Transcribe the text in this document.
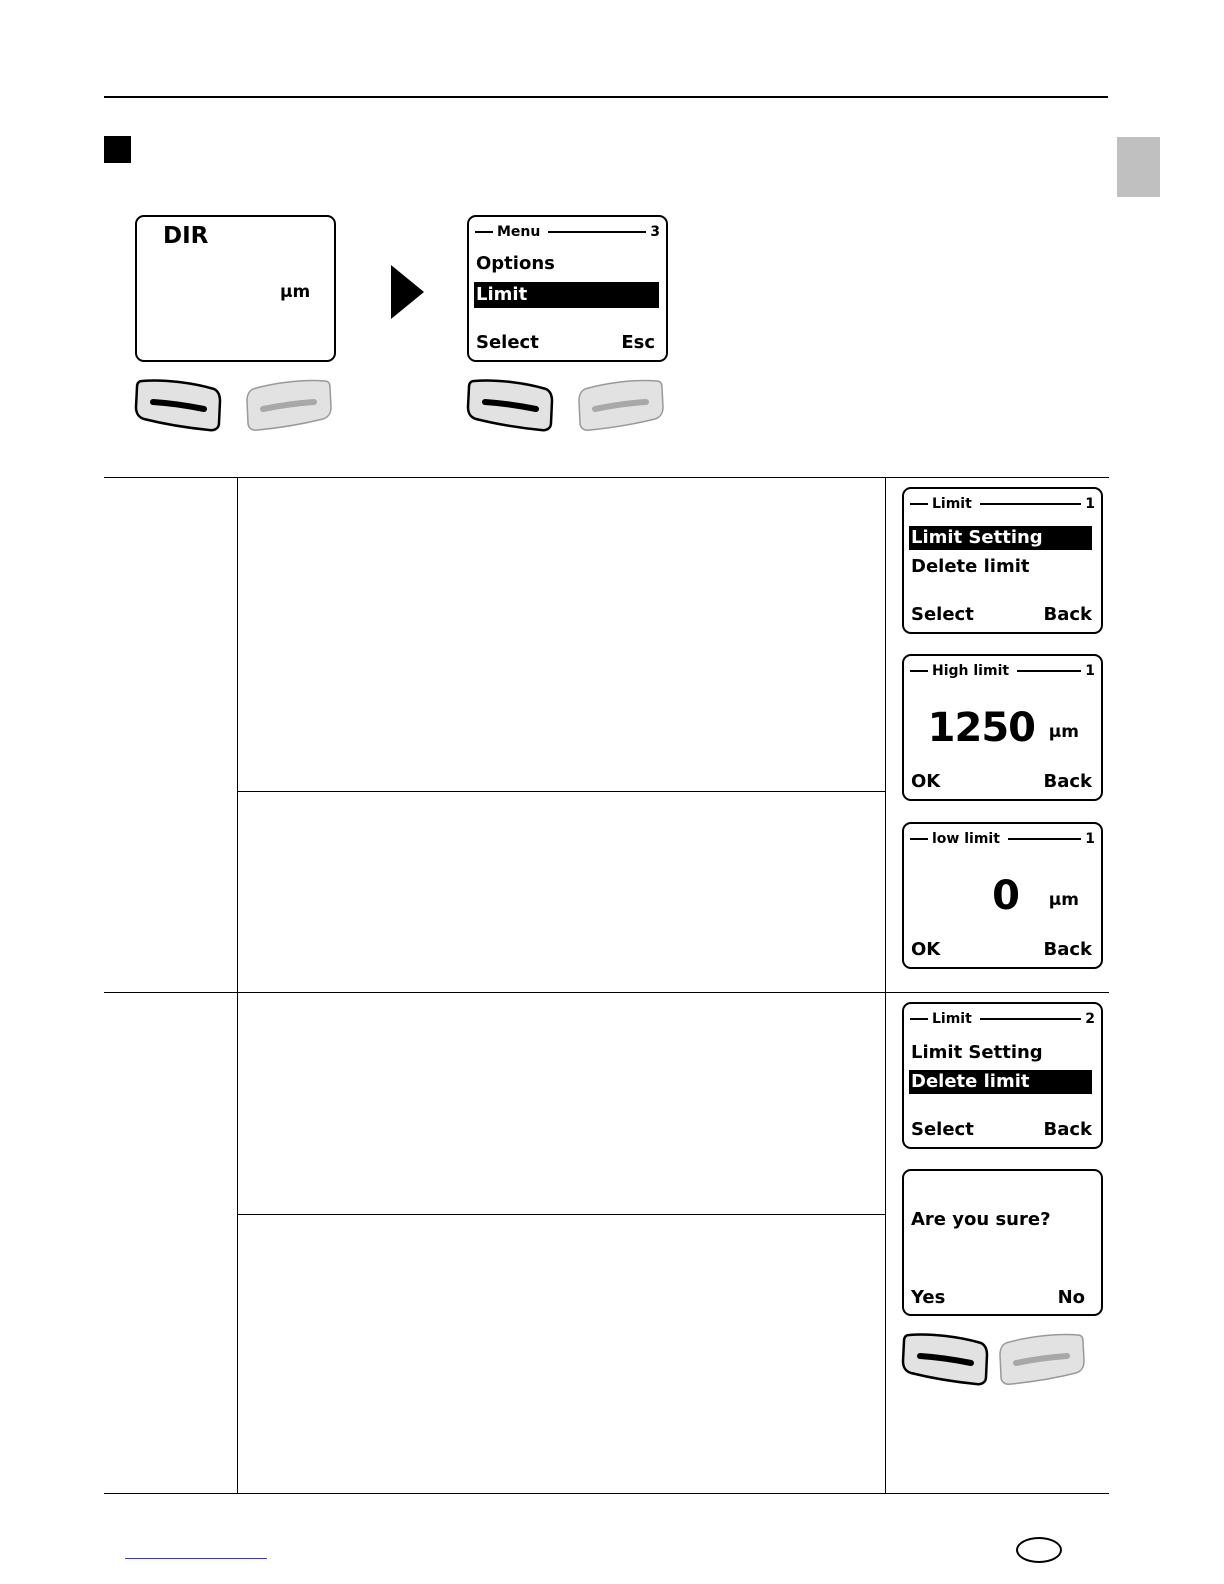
DIR
µm
Menu	3
Options
Limit
Select	Esc
Limit	1
Limit Setting
Delete limit
Select	Back
High limit	1
1250 µm
OK	Back
low limit	1
0 µm
OK	Back
Limit	2
Limit Setting
Delete limit
Select	Back
Are you sure?
Yes	No
